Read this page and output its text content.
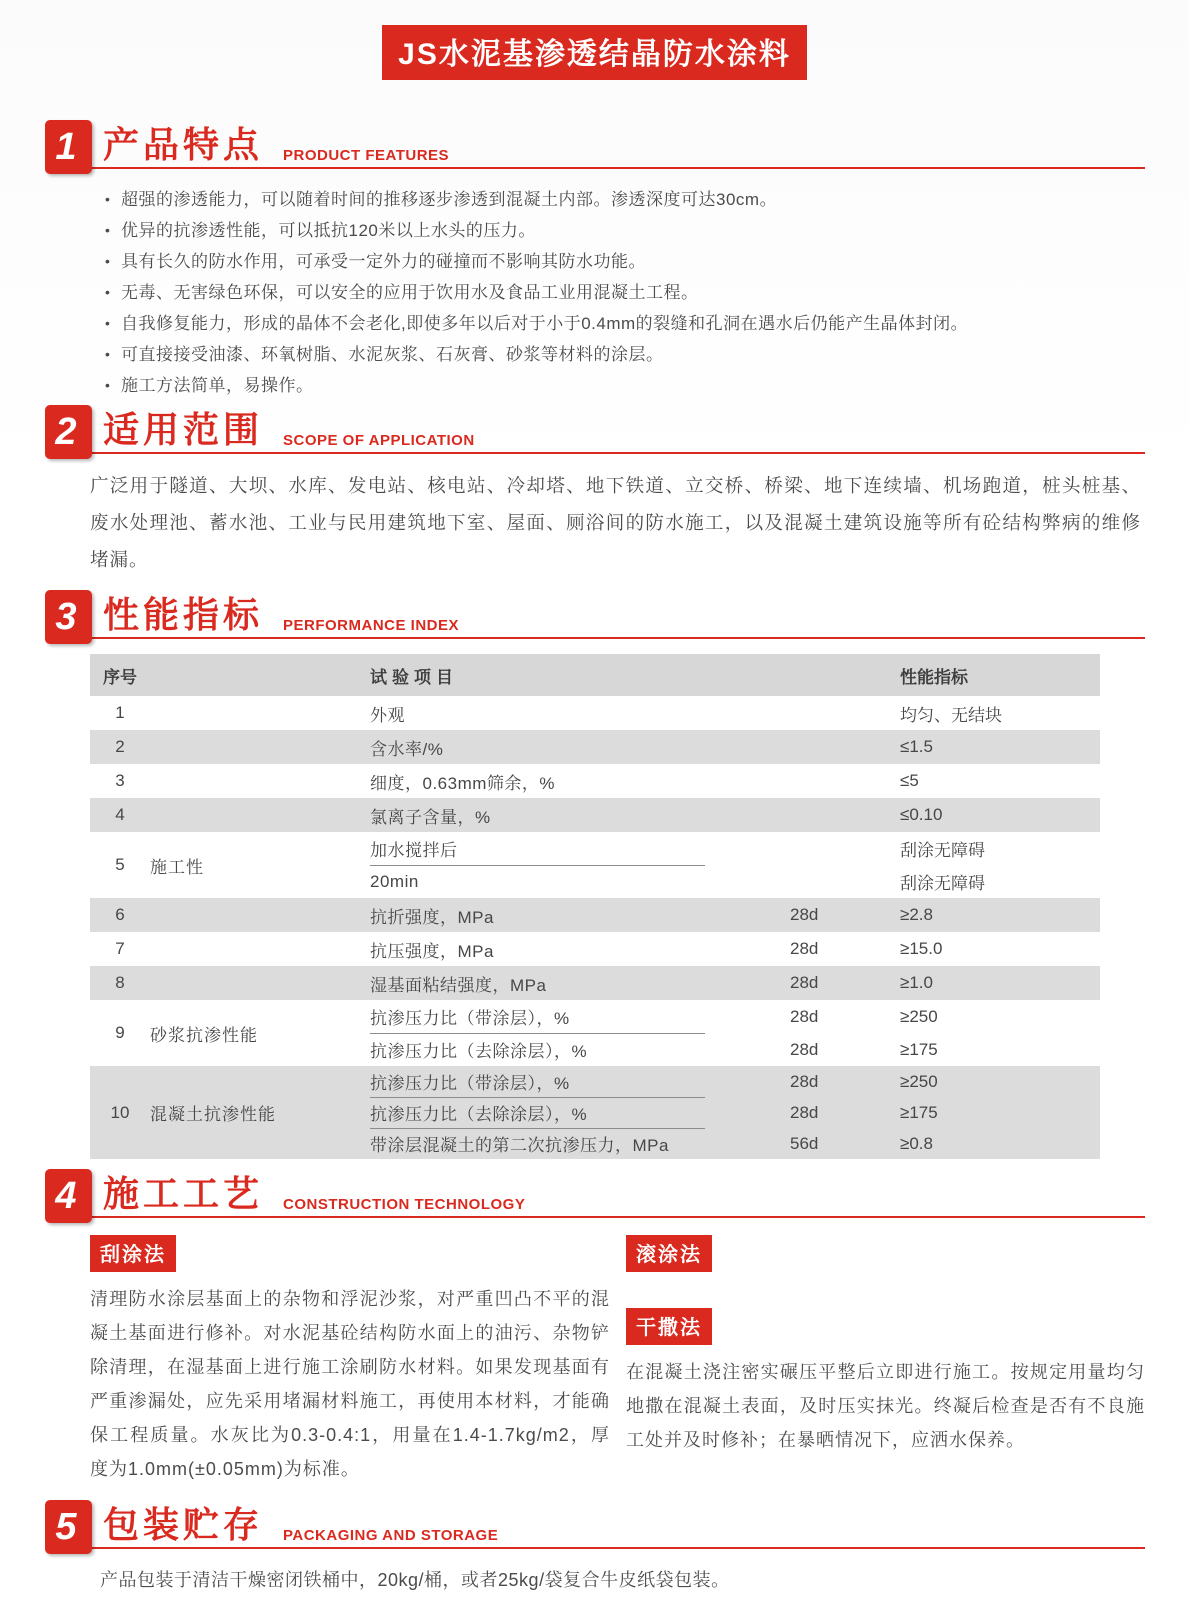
JS水泥基渗透结晶防水涂料
1 产品特点 PRODUCT FEATURES
• 超强的渗透能力，可以随着时间的推移逐步渗透到混凝土内部。渗透深度可达30cm。
• 优异的抗渗透性能，可以抵抗120米以上水头的压力。
• 具有长久的防水作用，可承受一定外力的碰撞而不影响其防水功能。
• 无毒、无害绿色环保，可以安全的应用于饮用水及食品工业用混凝土工程。
• 自我修复能力，形成的晶体不会老化,即使多年以后对于小于0.4mm的裂缝和孔洞在遇水后仍能产生晶体封闭。
• 可直接接受油漆、环氧树脂、水泥灰浆、石灰膏、砂浆等材料的涂层。
• 施工方法简单，易操作。
2 适用范围 SCOPE OF APPLICATION

广泛用于隧道、大坝、水库、发电站、核电站、冷却塔、地下铁道、立交桥、桥梁、地下连续墙、机场跑道，桩头桩基、废水处理池、蓄水池、工业与民用建筑地下室、屋面、厕浴间的防水施工，以及混凝土建筑设施等所有砼结构弊病的维修堵漏。

3 性能指标 PERFORMANCE INDEX
序号	试验项目	性能指标
1	外观	均匀、无结块
2	含水率/%	≤1.5
3	细度，0.63mm筛余，%	≤5
4	氯离子含量，%	≤0.10
5	施工性
加水搅拌后	刮涂无障碍
20min	刮涂无障碍
6	抗折强度，MPa	28d	≥2.8
7	抗压强度，MPa	28d	≥15.0
8	湿基面粘结强度，MPa	28d	≥1.0
9	砂浆抗渗性能
抗渗压力比（带涂层），%	28d	≥250
抗渗压力比（去除涂层），%	28d	≥175
10	混凝土抗渗性能
抗渗压力比（带涂层），%	28d	≥250
抗渗压力比（去除涂层），%	28d	≥175
带涂层混凝土的第二次抗渗压力，MPa	56d	≥0.8
4 施工工艺 CONSTRUCTION TECHNOLOGY
刮涂法

清理防水涂层基面上的杂物和浮泥沙浆，对严重凹凸不平的混凝土基面进行修补。对水泥基砼结构防水面上的油污、杂物铲除清理，在湿基面上进行施工涂刷防水材料。如果发现基面有严重渗漏处，应先采用堵漏材料施工，再使用本材料，才能确保工程质量。水灰比为0.3-0.4:1，用量在1.4-1.7kg/m2，厚度为1.0mm(±0.05mm)为标准。

滚涂法
干撒法

在混凝土浇注密实碾压平整后立即进行施工。按规定用量均匀地撒在混凝土表面，及时压实抹光。终凝后检查是否有不良施工处并及时修补；在暴晒情况下，应洒水保养。

5 包装贮存 PACKAGING AND STORAGE

产品包装于清洁干燥密闭铁桶中，20kg/桶，或者25kg/袋复合牛皮纸袋包装。
